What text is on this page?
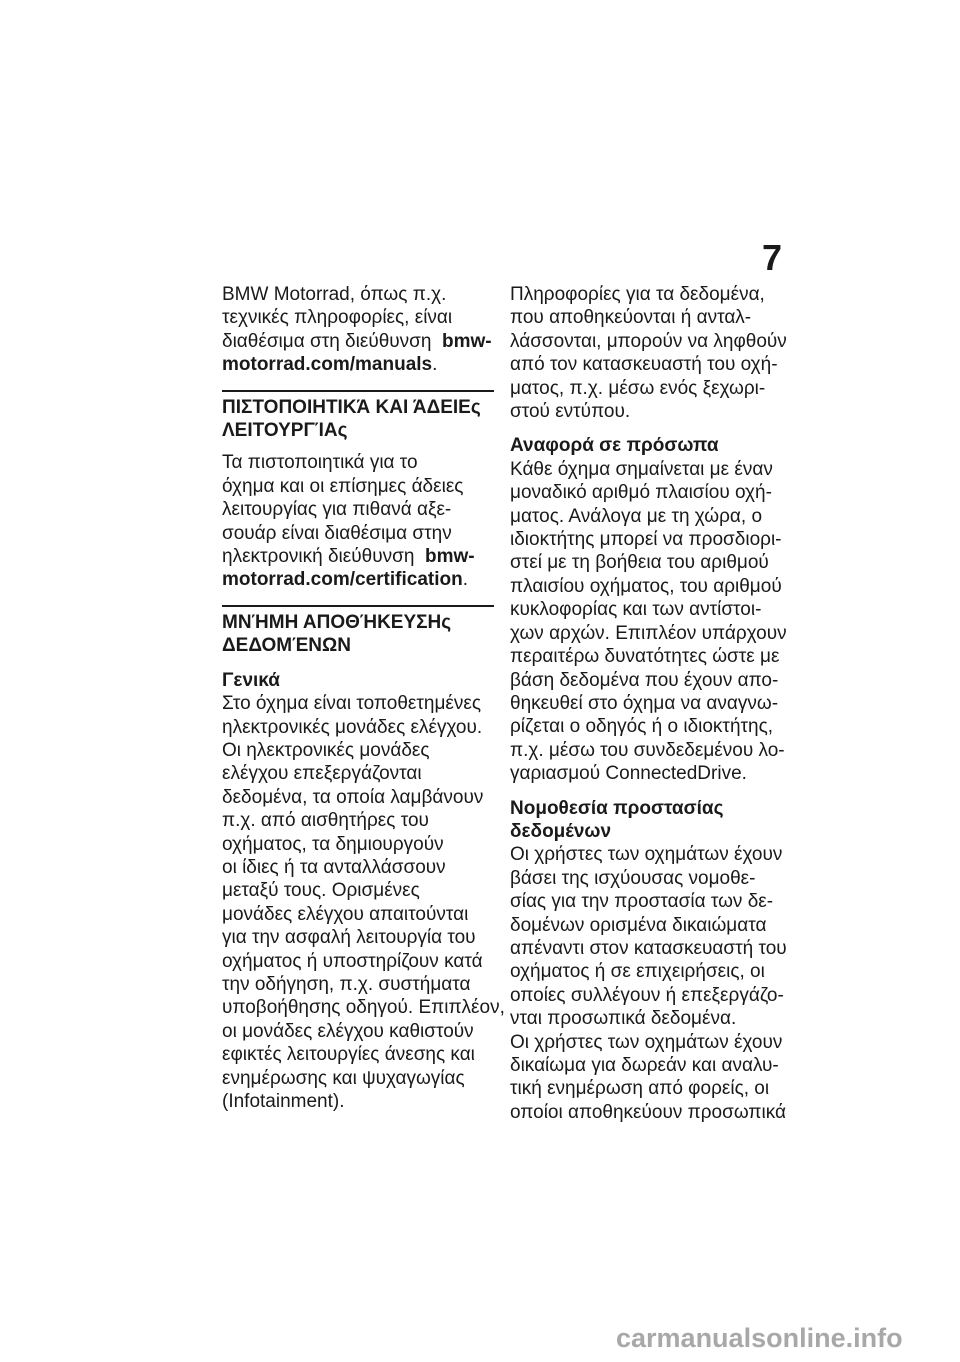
7
BMW Motorrad, όπως π.χ.
τεχνικές πληροφορίες, είναι
διαθέσιμα στη διεύθυνση bmw-
motorrad.com/manuals.
ΠΙΣΤΟΠΟΙΗΤΙΚΆ ΚΑΙ ΆΔΕΙΕς
ΛΕΙΤΟΥΡΓΊΑς
Τα πιστοποιητικά για το
όχημα και οι επίσημες άδειες
λειτουργίας για πιθανά αξε-
σουάρ είναι διαθέσιμα στην
ηλεκτρονική διεύθυνση bmw-
motorrad.com/certification.
ΜΝΉΜΗ ΑΠΟΘΉΚΕΥΣΗς
ΔΕΔΟΜΈΝΩΝ
Γενικά
Στο όχημα είναι τοποθετημένες
ηλεκτρονικές μονάδες ελέγχου.
Οι ηλεκτρονικές μονάδες
ελέγχου επεξεργάζονται
δεδομένα, τα οποία λαμβάνουν
π.χ. από αισθητήρες του
οχήματος, τα δημιουργούν
οι ίδιες ή τα ανταλλάσσουν
μεταξύ τους. Ορισμένες
μονάδες ελέγχου απαιτούνται
για την ασφαλή λειτουργία του
οχήματος ή υποστηρίζουν κατά
την οδήγηση, π.χ. συστήματα
υποβοήθησης οδηγού. Επιπλέον,
οι μονάδες ελέγχου καθιστούν
εφικτές λειτουργίες άνεσης και
ενημέρωσης και ψυχαγωγίας
(Infotainment).
Πληροφορίες για τα δεδομένα,
που αποθηκεύονται ή ανταλ-
λάσσονται, μπορούν να ληφθούν
από τον κατασκευαστή του οχή-
ματος, π.χ. μέσω ενός ξεχωρι-
στού εντύπου.
Αναφορά σε πρόσωπα
Κάθε όχημα σημαίνεται με έναν
μοναδικό αριθμό πλαισίου οχή-
ματος. Ανάλογα με τη χώρα, ο
ιδιοκτήτης μπορεί να προσδιορι-
στεί με τη βοήθεια του αριθμού
πλαισίου οχήματος, του αριθμού
κυκλοφορίας και των αντίστοι-
χων αρχών. Επιπλέον υπάρχουν
περαιτέρω δυνατότητες ώστε με
βάση δεδομένα που έχουν απο-
θηκευθεί στο όχημα να αναγνω-
ρίζεται ο οδηγός ή ο ιδιοκτήτης,
π.χ. μέσω του συνδεδεμένου λο-
γαριασμού ConnectedDrive.
Νομοθεσία προστασίας
δεδομένων
Οι χρήστες των οχημάτων έχουν
βάσει της ισχύουσας νομοθε-
σίας για την προστασία των δε-
δομένων ορισμένα δικαιώματα
απέναντι στον κατασκευαστή του
οχήματος ή σε επιχειρήσεις, οι
οποίες συλλέγουν ή επεξεργάζο-
νται προσωπικά δεδομένα.
Οι χρήστες των οχημάτων έχουν
δικαίωμα για δωρεάν και αναλυ-
τική ενημέρωση από φορείς, οι
οποίοι αποθηκεύουν προσωπικά
carmanualsonline.info
